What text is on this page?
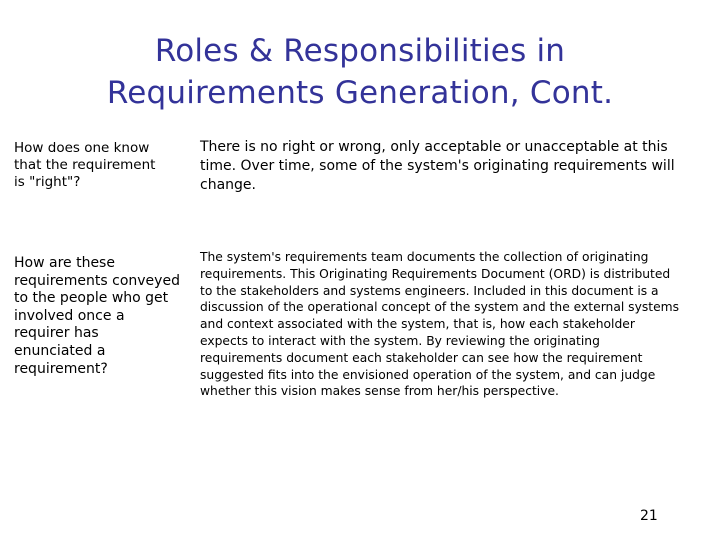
Roles & Responsibilities in
Requirements Generation, Cont.
How does one know
that the requirement
is "right"?
There is no right or wrong, only acceptable or unacceptable at this
time. Over time, some of the system's originating requirements will
change.
How are these
requirements conveyed
to the people who get
involved once a
requirer has
enunciated a
requirement?
The system's requirements team documents the collection of originating
requirements. This Originating Requirements Document (ORD) is distributed
to the stakeholders and systems engineers. Included in this document is a
discussion of the operational concept of the system and the external systems
and context associated with the system, that is, how each stakeholder
expects to interact with the system. By reviewing the originating
requirements document each stakeholder can see how the requirement
suggested fits into the envisioned operation of the system, and can judge
whether this vision makes sense from her/his perspective.
21
